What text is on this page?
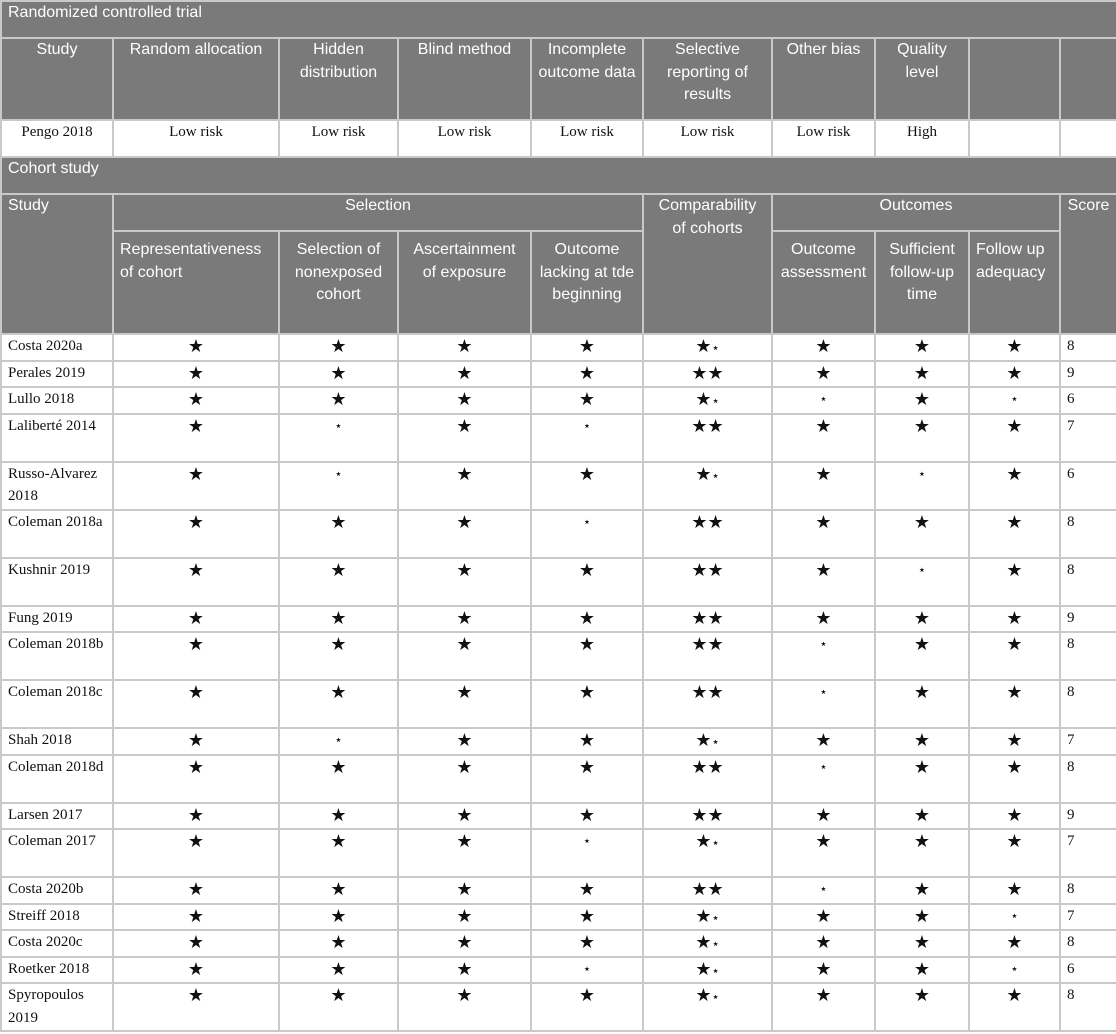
Randomized controlled trial									
Study	Random allocation	Hidden distribution	Blind method	Incomplete outcome data	Selective reporting of results	Other bias	Quality level		
Pengo 2018	Low risk	Low risk	Low risk	Low risk	Low risk	Low risk	High		
Cohort study									
Study	Selection				Comparability of cohorts	Outcomes			Score
	Representativeness of cohort	Selection of nonexposed cohort	Ascertainment of exposure	Outcome lacking at tde beginning		Outcome assessment	Sufficient follow-up time	Follow up adequacy	
Costa 2020a	★	★	★	★	★⋆	★	★	★	8
Perales 2019	★	★	★	★	★★	★	★	★	9
Lullo 2018	★	★	★	★	★⋆	⋆	★	⋆	6
Laliberté 2014	★	⋆	★	⋆	★★	★	★	★	7
Russo-Alvarez 2018	★	⋆	★	★	★⋆	★	⋆	★	6
Coleman 2018a	★	★	★	⋆	★★	★	★	★	8
Kushnir 2019	★	★	★	★	★★	★	⋆	★	8
Fung 2019	★	★	★	★	★★	★	★	★	9
Coleman 2018b	★	★	★	★	★★	⋆	★	★	8
Coleman 2018c	★	★	★	★	★★	⋆	★	★	8
Shah 2018	★	⋆	★	★	★⋆	★	★	★	7
Coleman 2018d	★	★	★	★	★★	⋆	★	★	8
Larsen 2017	★	★	★	★	★★	★	★	★	9
Coleman 2017	★	★	★	⋆	★⋆	★	★	★	7
Costa 2020b	★	★	★	★	★★	⋆	★	★	8
Streiff 2018	★	★	★	★	★⋆	★	★	⋆	7
Costa 2020c	★	★	★	★	★⋆	★	★	★	8
Roetker 2018	★	★	★	⋆	★⋆	★	★	⋆	6
Spyropoulos 2019	★	★	★	★	★⋆	★	★	★	8
